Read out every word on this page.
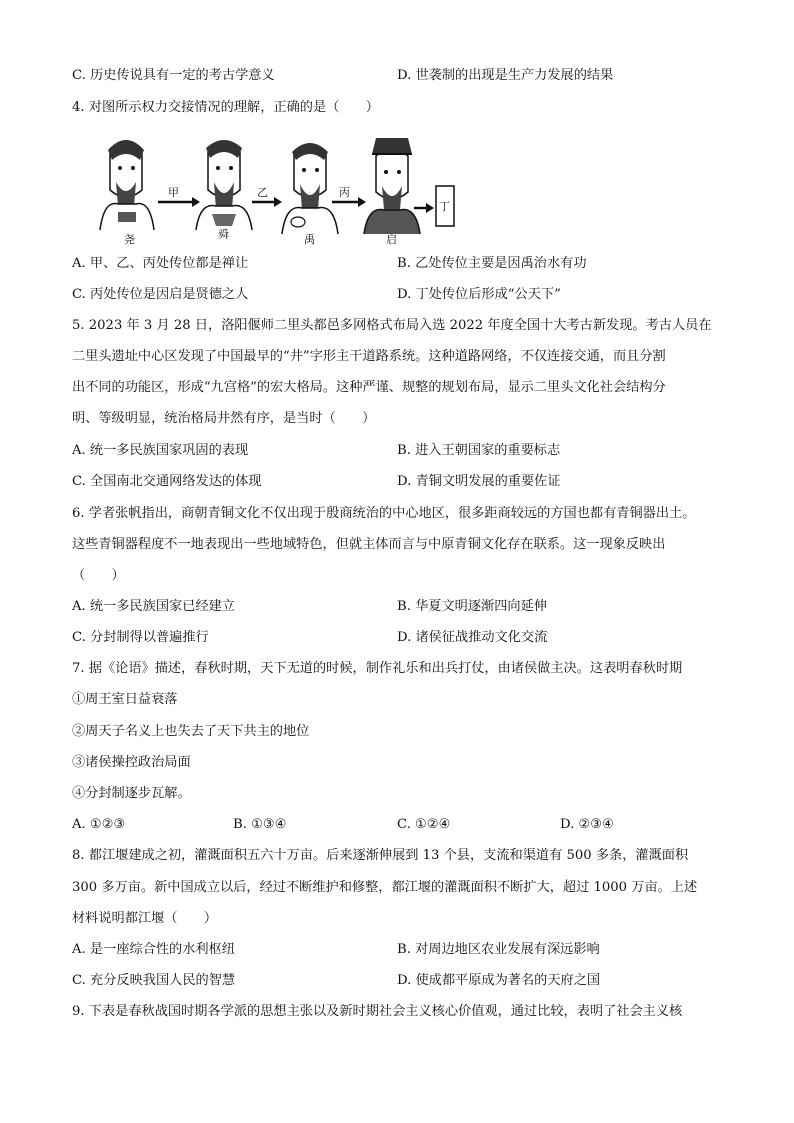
C. 历史传说具有一定的考古学意义	D. 世袭制的出现是生产力发展的结果
4. 对图所示权力交接情况的理解，正确的是（　　）
甲	乙	丙
丁
尧	舜	禹	启
A. 甲、乙、丙处传位都是禅让	B. 乙处传位主要是因禹治水有功
C. 丙处传位是因启是贤德之人	D. 丁处传位后形成“公天下”
5. 2023 年 3 月 28 日，洛阳偃师二里头都邑多网格式布局入选 2022 年度全国十大考古新发现。考古人员在
二里头遗址中心区发现了中国最早的“井”字形主干道路系统。这种道路网络，不仅连接交通，而且分割
出不同的功能区，形成“九宫格”的宏大格局。这种严谨、规整的规划布局，显示二里头文化社会结构分
明、等级明显，统治格局井然有序，是当时（　　）
A. 统一多民族国家巩固的表现	B. 进入王朝国家的重要标志
C. 全国南北交通网络发达的体现	D. 青铜文明发展的重要佐证
6. 学者张帆指出，商朝青铜文化不仅出现于殷商统治的中心地区，很多距商较远的方国也都有青铜器出土。
这些青铜器程度不一地表现出一些地域特色，但就主体而言与中原青铜文化存在联系。这一现象反映出
（　　）
A. 统一多民族国家已经建立	B. 华夏文明逐渐四向延伸
C. 分封制得以普遍推行	D. 诸侯征战推动文化交流
7. 据《论语》描述，春秋时期，天下无道的时候，制作礼乐和出兵打仗，由诸侯做主决。这表明春秋时期
①周王室日益衰落
②周天子名义上也失去了天下共主的地位
③诸侯操控政治局面
④分封制逐步瓦解。
A. ①②③	B. ①③④	C. ①②④	D. ②③④
8. 都江堰建成之初，灌溉面积五六十万亩。后来逐渐伸展到 13 个县，支流和渠道有 500 多条，灌溉面积
300 多万亩。新中国成立以后，经过不断维护和修整，都江堰的灌溉面积不断扩大，超过 1000 万亩。上述
材料说明都江堰（　　）
A. 是一座综合性的水利枢纽	B. 对周边地区农业发展有深远影响
C. 充分反映我国人民的智慧	D. 使成都平原成为著名的天府之国
9. 下表是春秋战国时期各学派的思想主张以及新时期社会主义核心价值观，通过比较，表明了社会主义核
